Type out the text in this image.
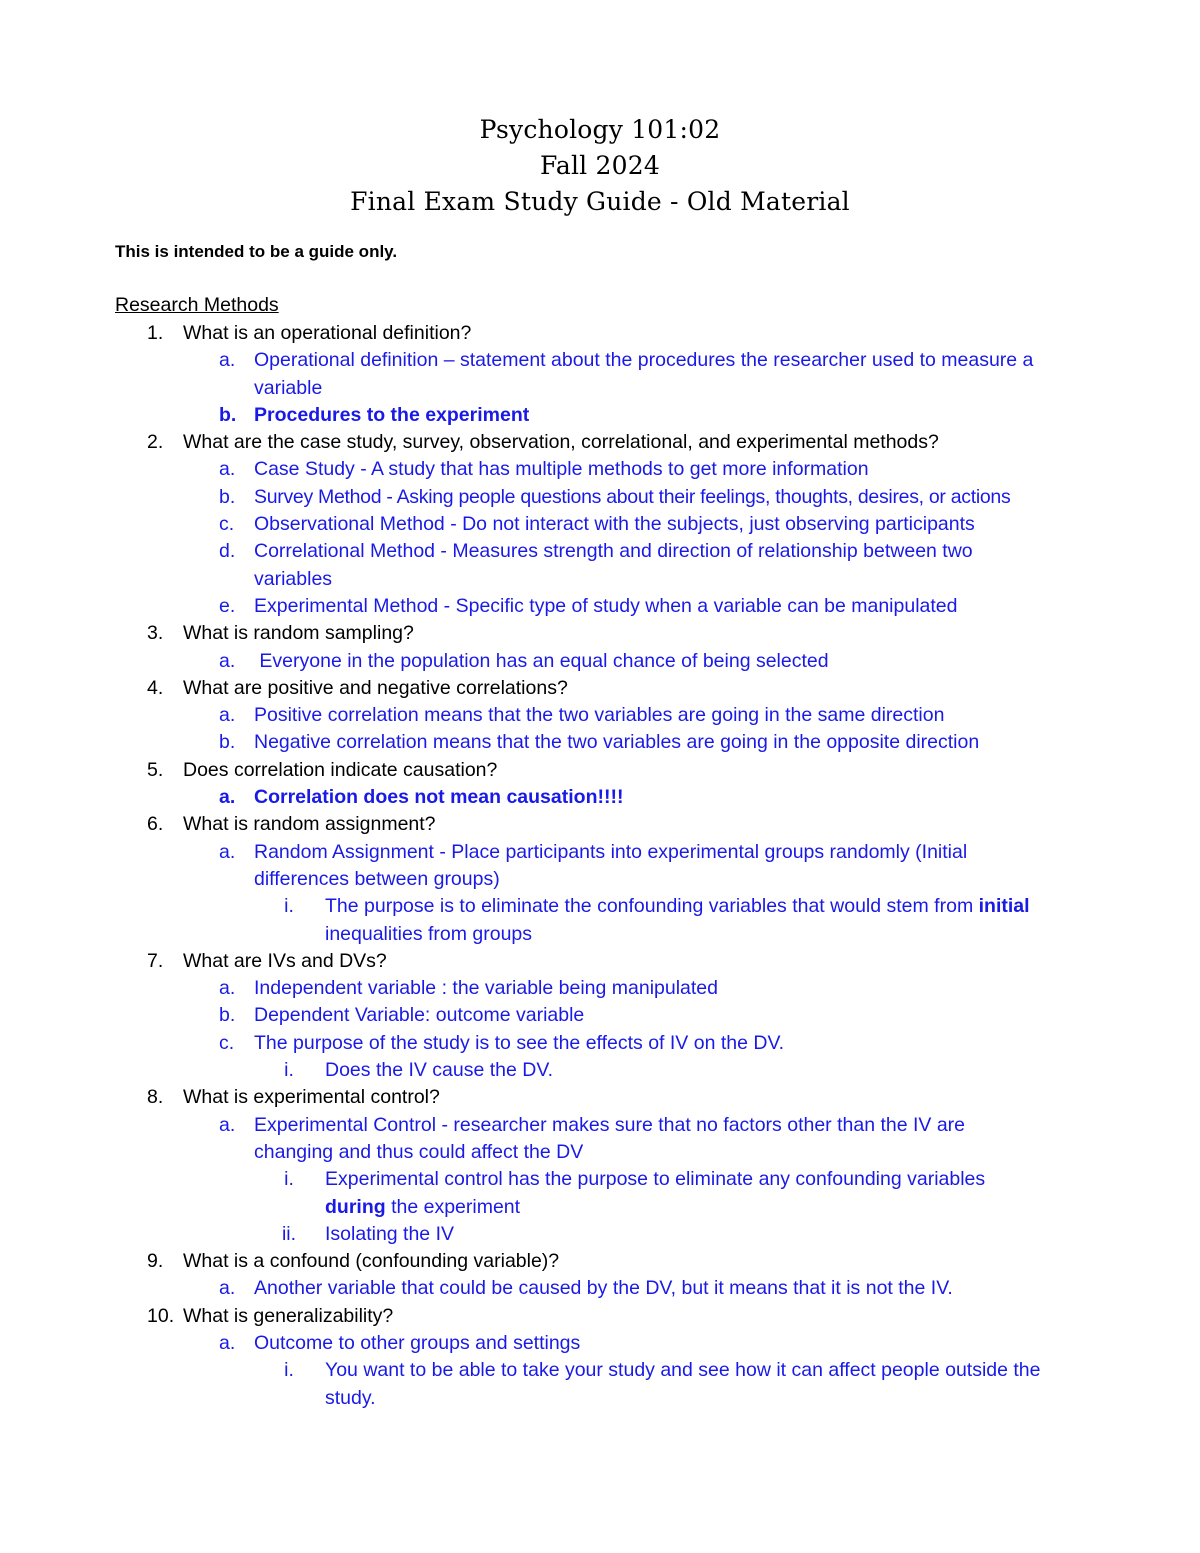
Psychology 101:02
Fall 2024
Final Exam Study Guide - Old Material
This is intended to be a guide only.
Research Methods
1. What is an operational definition?
a. Operational definition – statement about the procedures the researcher used to measure a variable
b. Procedures to the experiment
2. What are the case study, survey, observation, correlational, and experimental methods?
a. Case Study - A study that has multiple methods to get more information
b. Survey Method - Asking people questions about their feelings, thoughts, desires, or actions
c. Observational Method - Do not interact with the subjects, just observing participants
d. Correlational Method - Measures strength and direction of relationship between two variables
e. Experimental Method - Specific type of study when a variable can be manipulated
3. What is random sampling?
a. Everyone in the population has an equal chance of being selected
4. What are positive and negative correlations?
a. Positive correlation means that the two variables are going in the same direction
b. Negative correlation means that the two variables are going in the opposite direction
5. Does correlation indicate causation?
a. Correlation does not mean causation!!!!
6. What is random assignment?
a. Random Assignment - Place participants into experimental groups randomly (Initial differences between groups)
i. The purpose is to eliminate the confounding variables that would stem from initial inequalities from groups
7. What are IVs and DVs?
a. Independent variable : the variable being manipulated
b. Dependent Variable: outcome variable
c. The purpose of the study is to see the effects of IV on the DV.
i. Does the IV cause the DV.
8. What is experimental control?
a. Experimental Control - researcher makes sure that no factors other than the IV are changing and thus could affect the DV
i. Experimental control has the purpose to eliminate any confounding variables during the experiment
ii. Isolating the IV
9. What is a confound (confounding variable)?
a. Another variable that could be caused by the DV, but it means that it is not the IV.
10. What is generalizability?
a. Outcome to other groups and settings
i. You want to be able to take your study and see how it can affect people outside the study.
